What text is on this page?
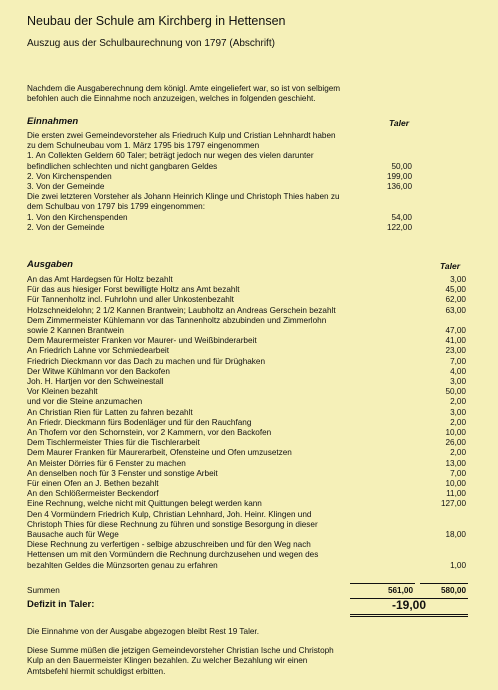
Neubau der Schule am Kirchberg in Hettensen
Auszug aus der Schulbaurechnung von 1797 (Abschrift)
Nachdem die Ausgaberechnung dem königl. Amte eingeliefert war, so ist von selbigem
befohlen auch die Einnahme noch anzuzeigen, welches in folgenden geschieht.
Einnahmen	Taler
Die ersten zwei Gemeindevorsteher als Friedruch Kulp und Cristian Lehnhardt haben
zu dem Schulneubau vom 1. März 1795 bis 1797 eingenommen
1. An Collekten Geldern 60 Taler; beträgt jedoch nur wegen des vielen darunter
befindlichen schlechten und nicht gangbaren Geldes	50,00
2. Von Kirchenspenden	199,00
3. Von der Gemeinde	136,00
Die zwei letzteren Vorsteher als Johann Heinrich Klinge und Christoph Thies haben zu
dem Schulbau von 1797 bis 1799 eingenommen:
1. Von den Kirchenspenden	54,00
2. Von der Gemeinde	122,00
Ausgaben	Taler
An das Amt Hardegsen für Holtz bezahlt	3,00
Für das aus hiesiger Forst bewilligte Holtz ans Amt bezahlt	45,00
Für Tannenholtz incl. Fuhrlohn und aller Unkostenbezahlt	62,00
Holzschneidelohn; 2 1/2 Kannen Brantwein; Laubholtz an Andreas Gerschein bezahlt	63,00
Dem Zimmermeister Kühlemann vor das Tannenholtz abzubinden und Zimmerlohn
sowie 2 Kannen Brantwein	47,00
Dem Maurermeister Franken vor Maurer- und Weißbinderarbeit	41,00
An Friedrich Lahne vor Schmiedearbeit	23,00
Friedrich Dieckmann vor das Dach zu machen und für Drüghaken	7,00
Der Witwe Kühlmann vor den Backofen	4,00
Joh. H. Hartjen vor den Schweinestall	3,00
Vor Kleinen bezahlt	50,00
und vor die Steine anzumachen	2,00
An Christian Rien für Latten zu fahren bezahlt	3,00
An Friedr. Dieckmann fürs Bodenläger und für den Rauchfang	2,00
An Thofern vor den Schornstein, vor 2 Kammern, vor den Backofen	10,00
Dem Tischlermeister Thies für die Tischlerarbeit	26,00
Dem Maurer Franken für Maurerarbeit, Ofensteine und Ofen umzusetzen	2,00
An Meister Dörries für 6 Fenster zu machen	13,00
An denselben noch für 3 Fenster und sonstige Arbeit	7,00
Für einen Ofen an J. Bethen bezahlt	10,00
An den Schlößermeister Beckendorf	11,00
Eine Rechnung, welche nicht mit Quittungen belegt werden kann	127,00
Den 4 Vormündern Friedrich Kulp, Christian Lehnhard, Joh. Heinr. Klingen und
Christoph Thies für diese Rechnung zu führen und sonstige Besorgung in dieser
Bausache auch für Wege	18,00
Diese Rechnung zu verfertigen - selbige abzuschreiben und für den Weg nach
Hettensen um mit den Vormündern die Rechnung durchzusehen und wegen des
bezahlten Geldes die Münzsorten genau zu erfahren	1,00
Summen	561,00	580,00
Defizit in Taler:	-19,00
Die Einnahme von der Ausgabe abgezogen bleibt Rest 19 Taler.
Diese Summe müßen die jetzigen Gemeindevorsteher Christian Ische und Christoph
Kulp an den Bauermeister Klingen bezahlen. Zu welcher Bezahlung wir einen
Amtsbefehl hiermit schuldigst erbitten.
